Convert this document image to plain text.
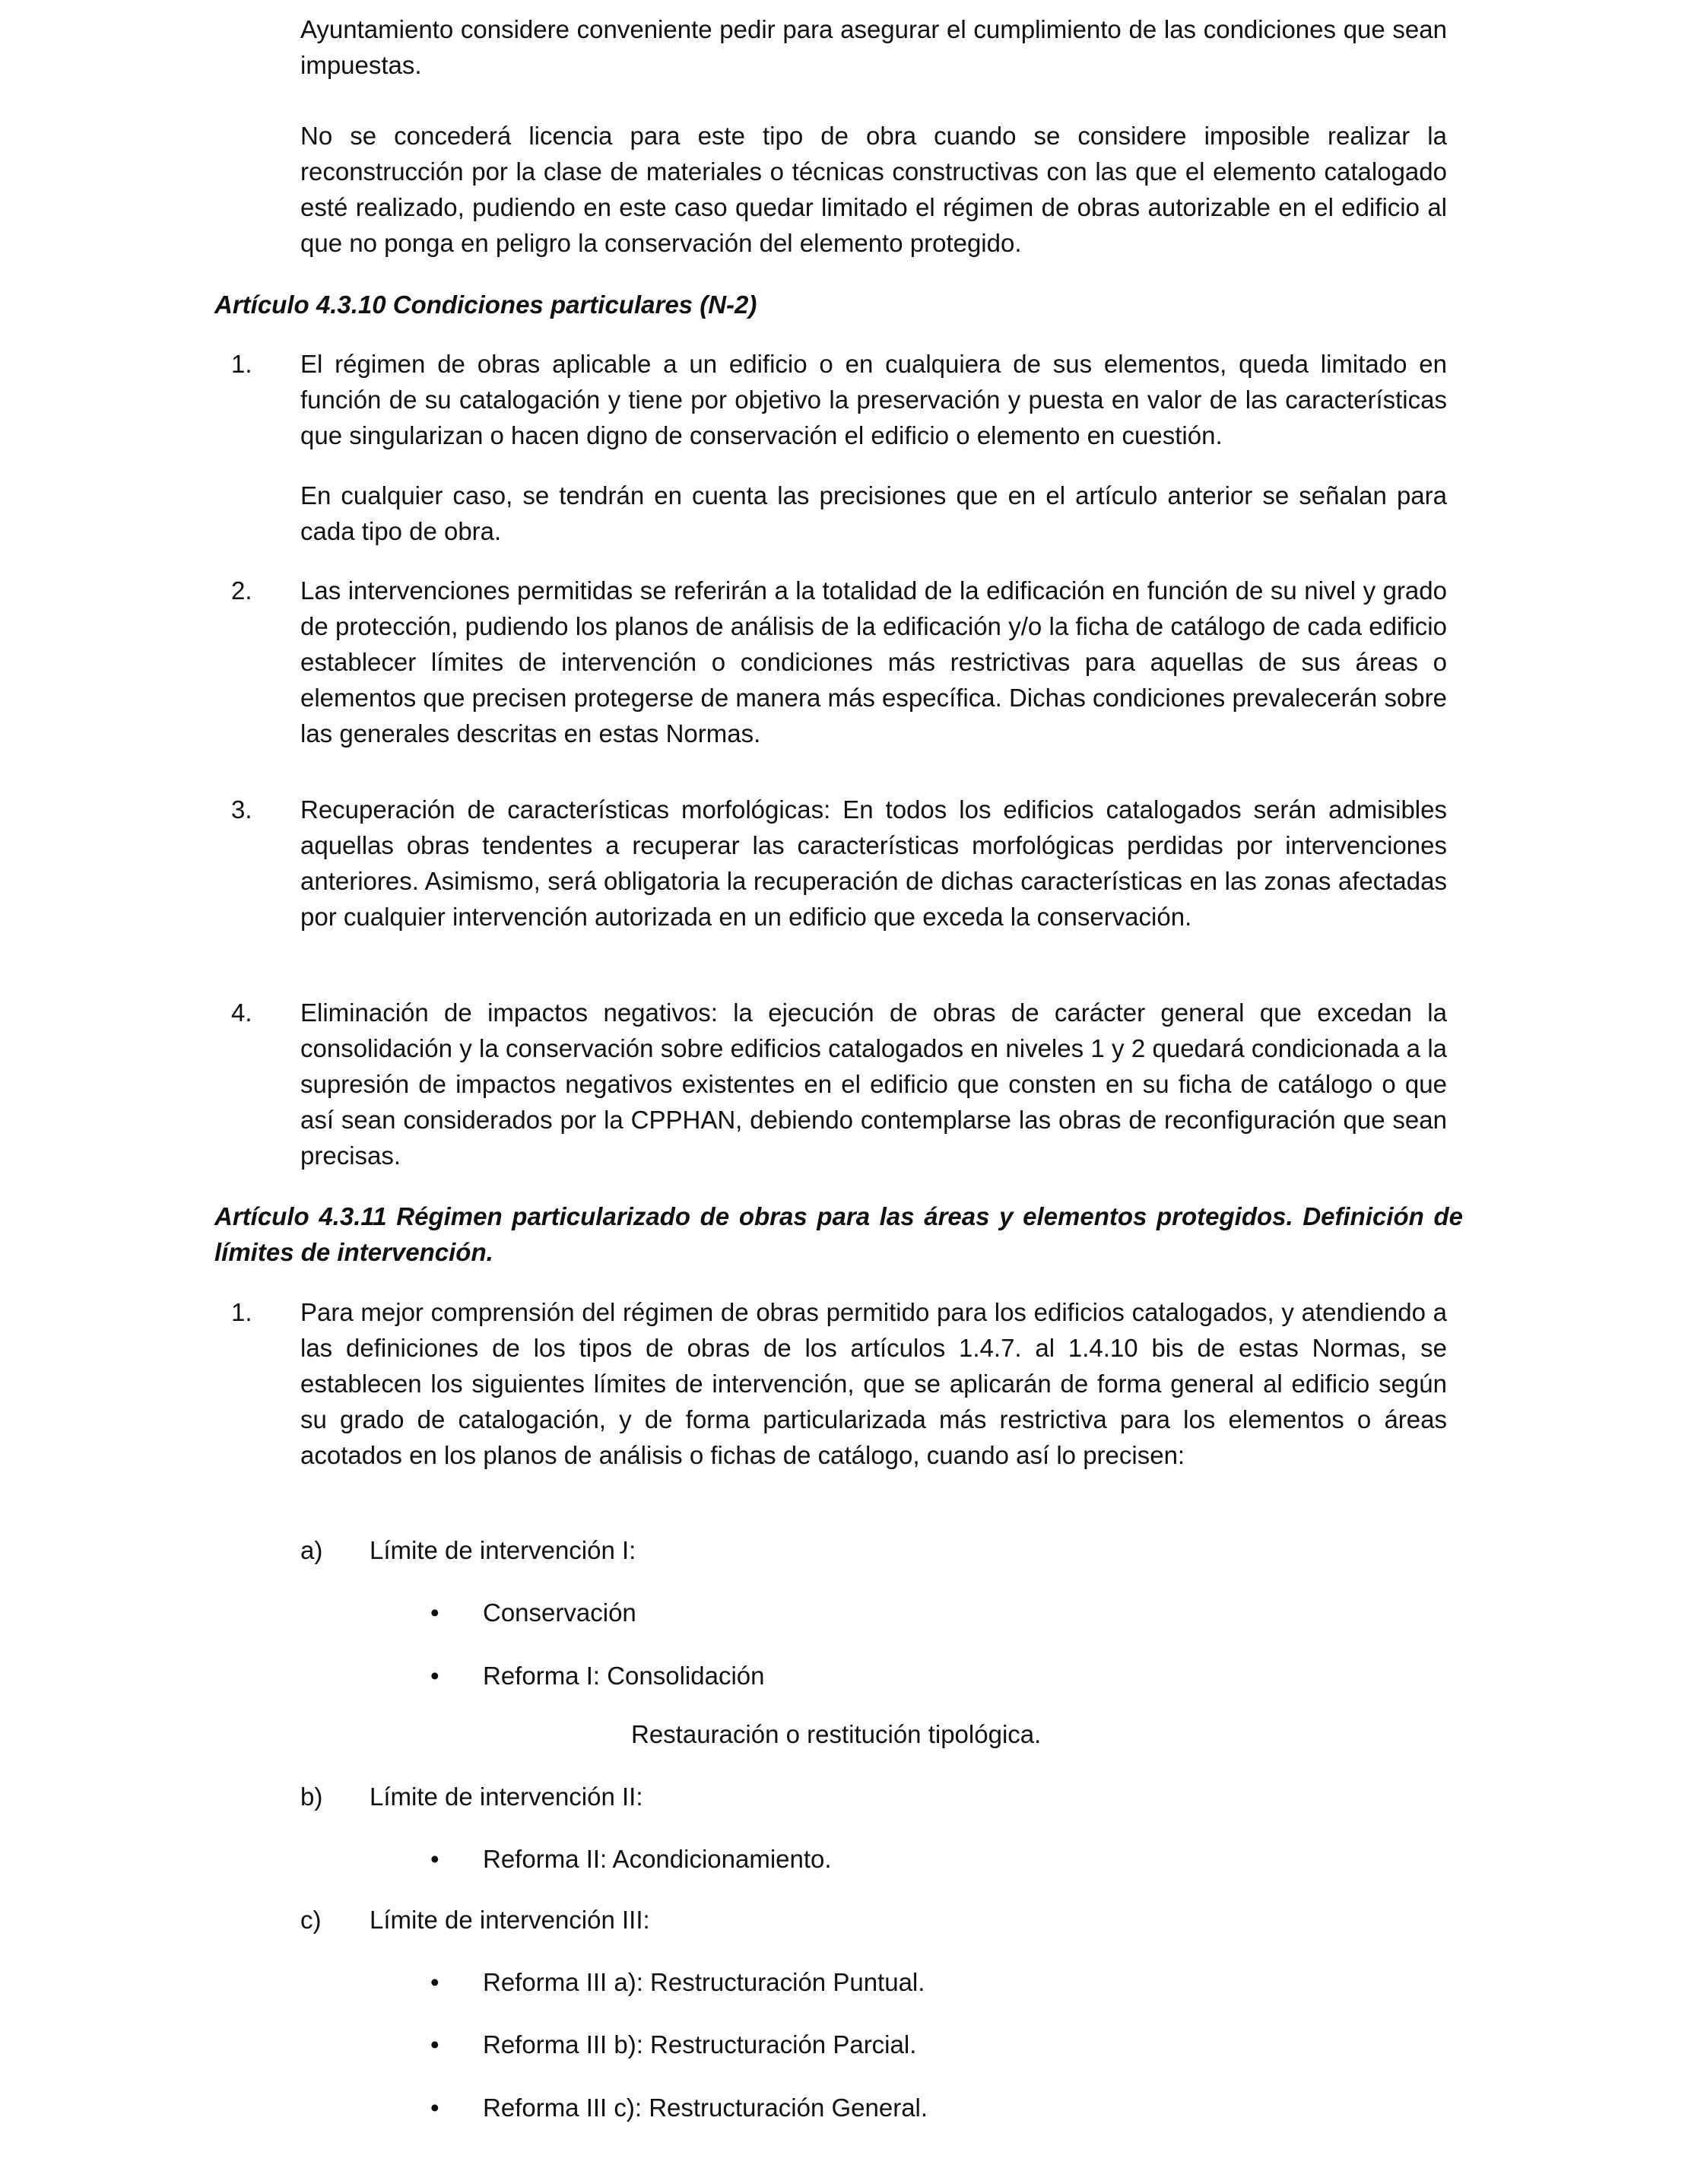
Ayuntamiento considere conveniente pedir para asegurar el cumplimiento de las condiciones que sean impuestas.

No se concederá licencia para este tipo de obra cuando se considere imposible realizar la reconstrucción por la clase de materiales o técnicas constructivas con las que el elemento catalogado esté realizado, pudiendo en este caso quedar limitado el régimen de obras autorizable en el edificio al que no ponga en peligro la conservación del elemento protegido.

Artículo 4.3.10 Condiciones particulares (N-2)
1. El régimen de obras aplicable a un edificio o en cualquiera de sus elementos, queda limitado en función de su catalogación y tiene por objetivo la preservación y puesta en valor de las características que singularizan o hacen digno de conservación el edificio o elemento en cuestión.

En cualquier caso, se tendrán en cuenta las precisiones que en el artículo anterior se señalan para cada tipo de obra.

2. Las intervenciones permitidas se referirán a la totalidad de la edificación en función de su nivel y grado de protección, pudiendo los planos de análisis de la edificación y/o la ficha de catálogo de cada edificio establecer límites de intervención o condiciones más restrictivas para aquellas de sus áreas o elementos que precisen protegerse de manera más específica. Dichas condiciones prevalecerán sobre las generales descritas en estas Normas.

3. Recuperación de características morfológicas: En todos los edificios catalogados serán admisibles aquellas obras tendentes a recuperar las características morfológicas perdidas por intervenciones anteriores. Asimismo, será obligatoria la recuperación de dichas características en las zonas afectadas por cualquier intervención autorizada en un edificio que exceda la conservación.

4. Eliminación de impactos negativos: la ejecución de obras de carácter general que excedan la consolidación y la conservación sobre edificios catalogados en niveles 1 y 2 quedará condicionada a la supresión de impactos negativos existentes en el edificio que consten en su ficha de catálogo o que así sean considerados por la CPPHAN, debiendo contemplarse las obras de reconfiguración que sean precisas.

Artículo 4.3.11 Régimen particularizado de obras para las áreas y elementos protegidos. Definición de límites de intervención.
1. Para mejor comprensión del régimen de obras permitido para los edificios catalogados, y atendiendo a las definiciones de los tipos de obras de los artículos 1.4.7. al 1.4.10 bis de estas Normas, se establecen los siguientes límites de intervención, que se aplicarán de forma general al edificio según su grado de catalogación, y de forma particularizada más restrictiva para los elementos o áreas acotados en los planos de análisis o fichas de catálogo, cuando así lo precisen:

a) Límite de intervención I:
• Conservación
• Reforma I: Consolidación
Restauración o restitución tipológica.
b) Límite de intervención II:
• Reforma II: Acondicionamiento.
c) Límite de intervención III:
• Reforma III a): Restructuración Puntual.
• Reforma III b): Restructuración Parcial.
• Reforma III c): Restructuración General.
